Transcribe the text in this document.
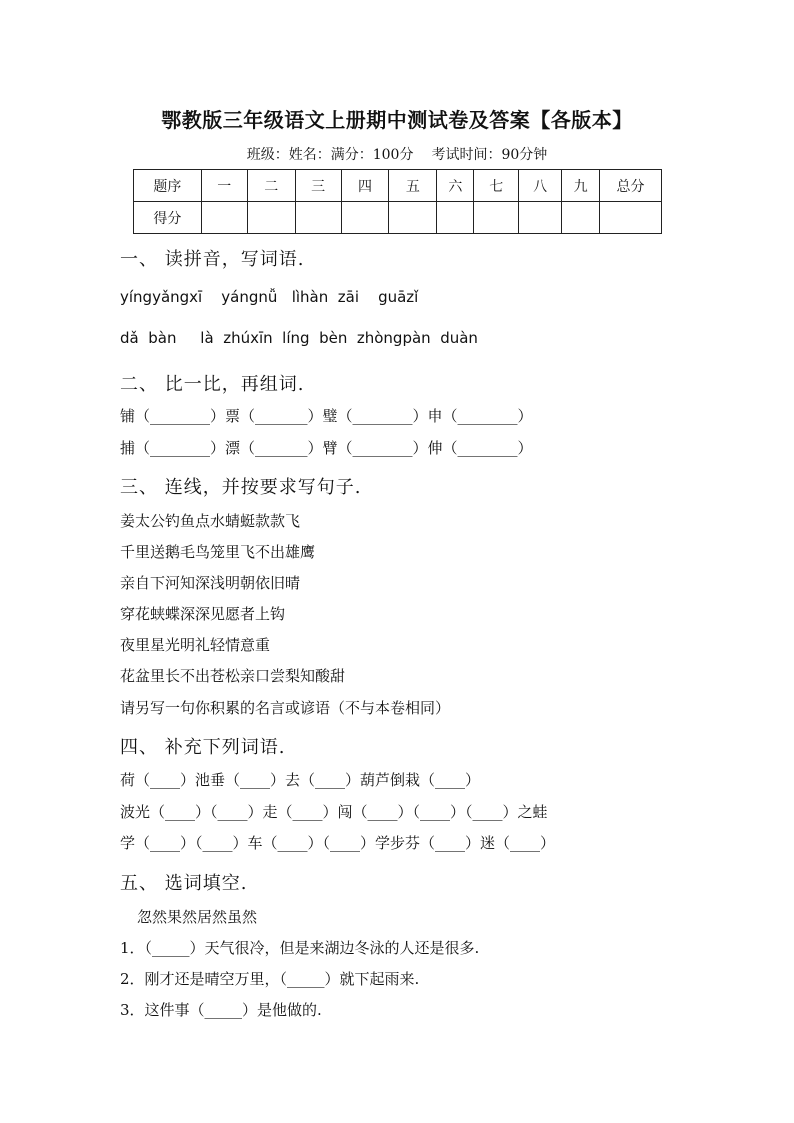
鄂教版三年级语文上册期中测试卷及答案【各版本】
班级：姓名：满分：100分 考试时间：90分钟
题序	一	二	三	四	五	六	七	八	九	总分
得分										
一、 读拼音，写词语.
yíngyǎngxī    yángnǚ   lìhàn  zāi    guāzǐ
dǎ  bàn     là  zhúxīn  líng  bèn  zhòngpàn  duàn
二、 比一比，再组词.
铺（________）票（_______）璧（________）申（________）
捕（________）漂（_______）臂（________）伸（________）
三、 连线，并按要求写句子.
姜太公钓鱼点水蜻蜓款款飞
千里送鹅毛鸟笼里飞不出雄鹰
亲自下河知深浅明朝依旧晴
穿花蛱蝶深深见愿者上钩
夜里星光明礼轻情意重
花盆里长不出苍松亲口尝梨知酸甜
请另写一句你积累的名言或谚语（不与本卷相同）
四、 补充下列词语.
荷（____）池垂（____）去（____）葫芦倒栽（____）
波光（____）（____）走（____）闯（____）（____）（____）之蛙
学（____）（____）车（____）（____）学步芬（____）迷（____）
五、 选词填空.
忽然果然居然虽然
1．（_____）天气很冷，但是来湖边冬泳的人还是很多.
2．刚才还是晴空万里，（_____）就下起雨来.
3．这件事（_____）是他做的.
